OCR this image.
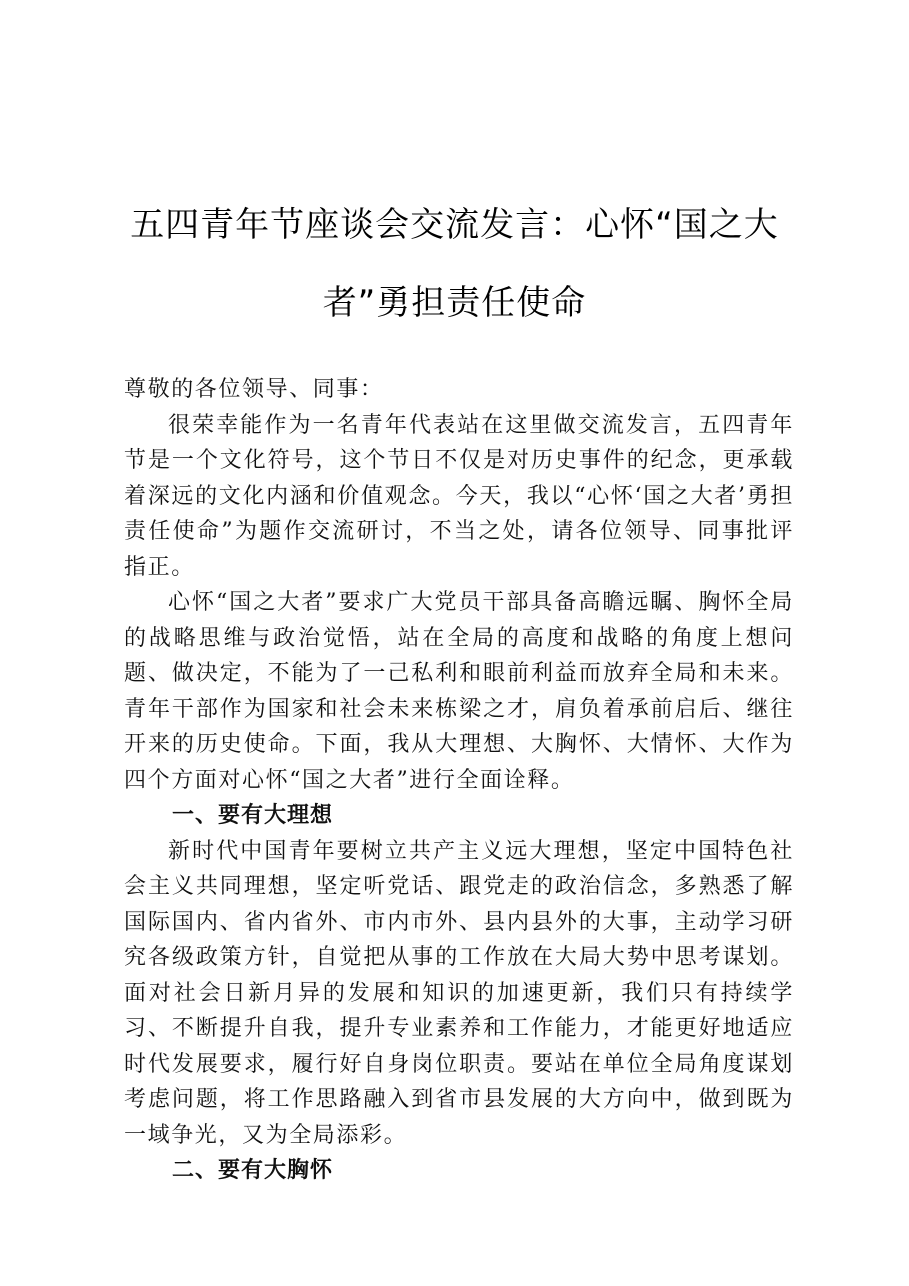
五四青年节座谈会交流发言：心怀“国之大
者”勇担责任使命

尊敬的各位领导、同事：

很荣幸能作为一名青年代表站在这里做交流发言，五四青年节是一个文化符号，这个节日不仅是对历史事件的纪念，更承载着深远的文化内涵和价值观念。今天，我以“心怀‘国之大者’勇担责任使命”为题作交流研讨，不当之处，请各位领导、同事批评指正。

心怀“国之大者”要求广大党员干部具备高瞻远瞩、胸怀全局的战略思维与政治觉悟，站在全局的高度和战略的角度上想问题、做决定，不能为了一己私利和眼前利益而放弃全局和未来。青年干部作为国家和社会未来栋梁之才，肩负着承前启后、继往开来的历史使命。下面，我从大理想、大胸怀、大情怀、大作为四个方面对心怀“国之大者”进行全面诠释。

一、要有大理想

新时代中国青年要树立共产主义远大理想，坚定中国特色社会主义共同理想，坚定听党话、跟党走的政治信念，多熟悉了解国际国内、省内省外、市内市外、县内县外的大事，主动学习研究各级政策方针，自觉把从事的工作放在大局大势中思考谋划。面对社会日新月异的发展和知识的加速更新，我们只有持续学习、不断提升自我，提升专业素养和工作能力，才能更好地适应时代发展要求，履行好自身岗位职责。要站在单位全局角度谋划考虑问题，将工作思路融入到省市县发展的大方向中，做到既为一域争光，又为全局添彩。

二、要有大胸怀
